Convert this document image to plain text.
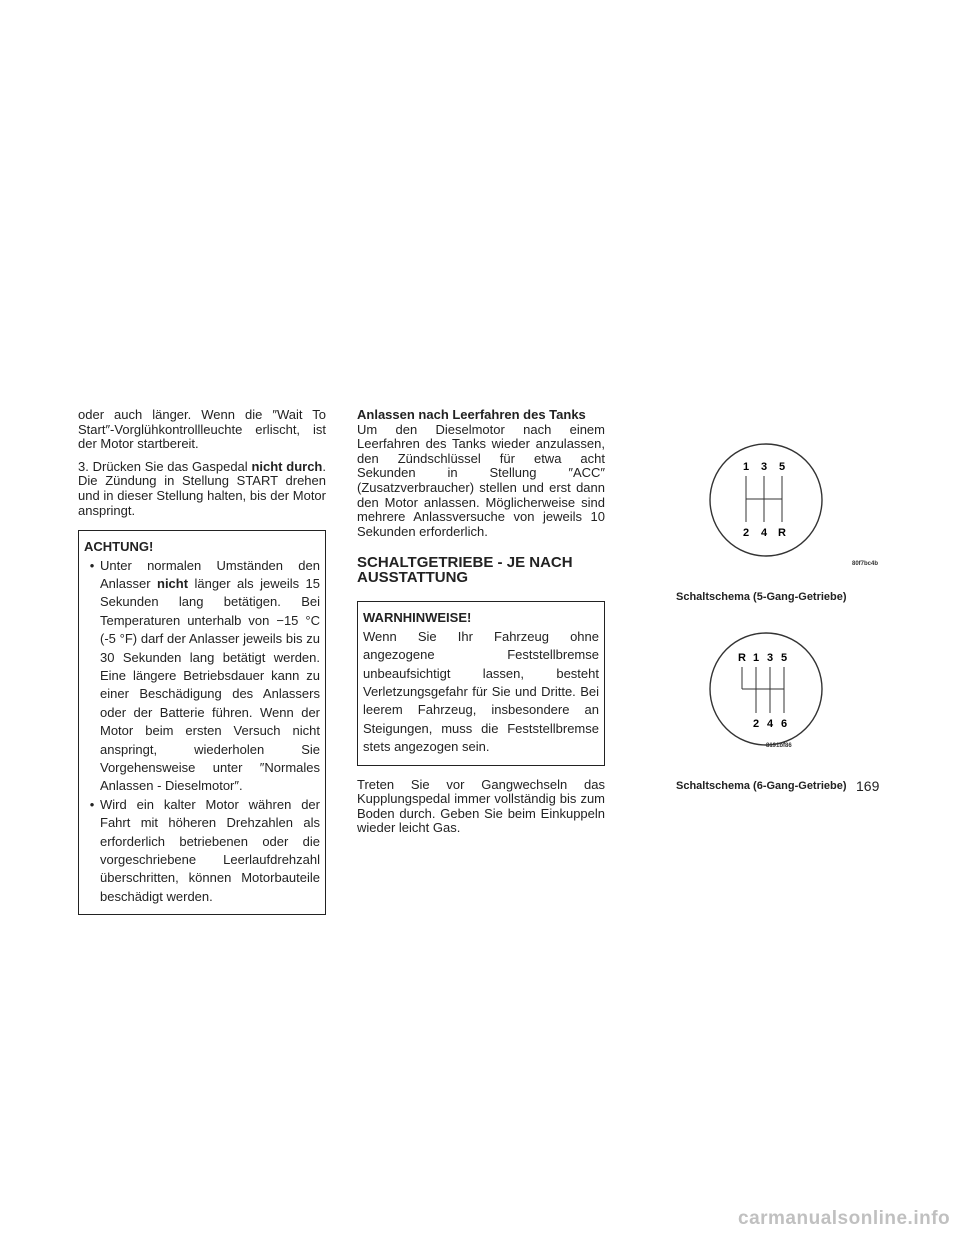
oder auch länger. Wenn die ″Wait To Start″-Vorglühkontrollleuchte erlischt, ist der Motor startbereit.

3. Drücken Sie das Gaspedal nicht durch. Die Zündung in Stellung START drehen und in dieser Stellung halten, bis der Motor anspringt.

ACHTUNG!
• Unter normalen Umständen den Anlasser nicht länger als jeweils 15 Sekunden lang betätigen. Bei Temperaturen unterhalb von −15 °C (-5 °F) darf der Anlasser jeweils bis zu 30 Sekunden lang betätigt werden. Eine längere Betriebsdauer kann zu einer Beschädigung des Anlassers oder der Batterie führen. Wenn der Motor beim ersten Versuch nicht anspringt, wiederholen Sie Vorgehensweise unter ″Normales Anlassen - Dieselmotor″.
• Wird ein kalter Motor währen der Fahrt mit höheren Drehzahlen als erforderlich betriebenen oder die vorgeschriebene Leerlaufdrehzahl überschritten, können Motorbauteile beschädigt werden.

Anlassen nach Leerfahren des Tanks

Um den Dieselmotor nach einem Leerfahren des Tanks wieder anzulassen, den Zündschlüssel für etwa acht Sekunden in Stellung ″ACC″ (Zusatzverbraucher) stellen und erst dann den Motor anlassen. Möglicherweise sind mehrere Anlassversuche von jeweils 10 Sekunden erforderlich.

SCHALTGETRIEBE - JE NACH AUSSTATTUNG
WARNHINWEISE!
Wenn Sie Ihr Fahrzeug ohne angezogene Feststellbremse unbeaufsichtigt lassen, besteht Verletzungsgefahr für Sie und Dritte. Bei leerem Fahrzeug, insbesondere an Steigungen, muss die Feststellbremse stets angezogen sein.

Treten Sie vor Gangwechseln das Kupplungspedal immer vollständig bis zum Boden durch. Geben Sie beim Einkuppeln wieder leicht Gas.

1 3 5
2 4 R
80f7bc4b

Schaltschema (5-Gang-Getriebe)

R 1 3 5
2 4 6
8191bf86

Schaltschema (6-Gang-Getriebe) 169
carmanualsonline.info
